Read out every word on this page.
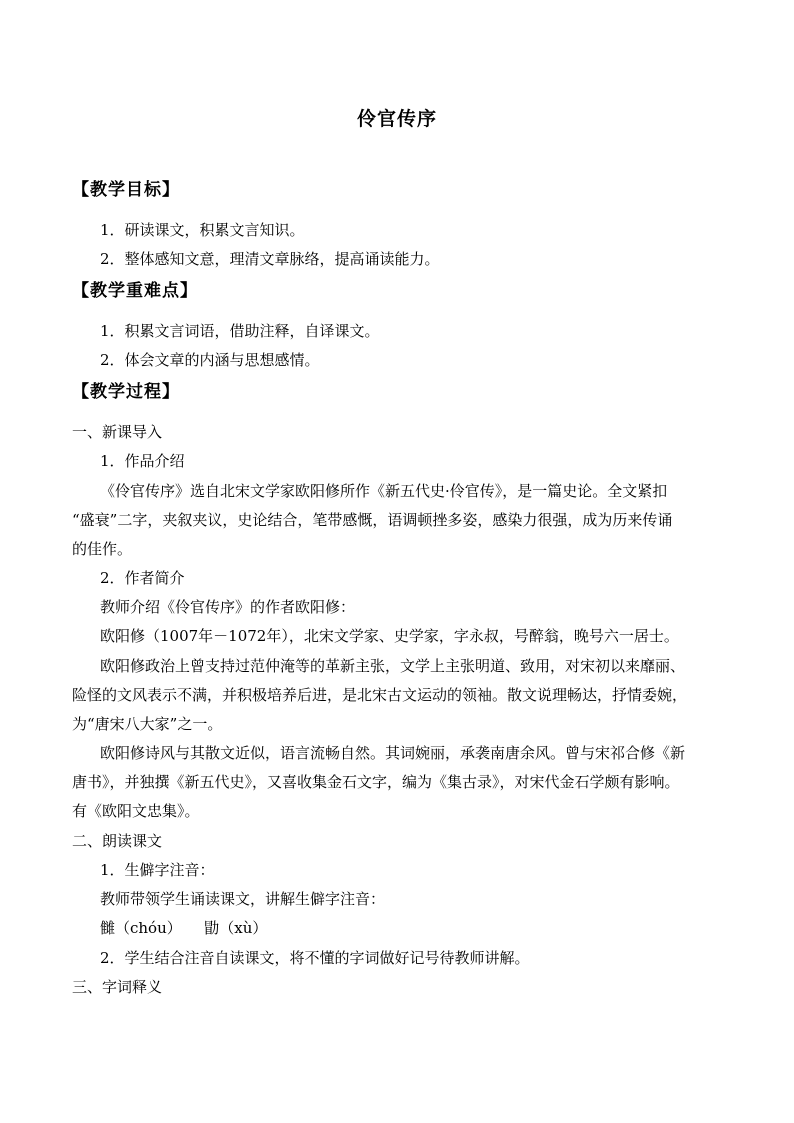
伶官传序
【教学目标】
1．研读课文，积累文言知识。
2．整体感知文意，理清文章脉络，提高诵读能力。
【教学重难点】
1．积累文言词语，借助注释，自译课文。
2．体会文章的内涵与思想感情。
【教学过程】
一、新课导入
1．作品介绍
《伶官传序》选自北宋文学家欧阳修所作《新五代史·伶官传》，是一篇史论。全文紧扣
“盛衰”二字，夹叙夹议，史论结合，笔带感慨，语调顿挫多姿，感染力很强，成为历来传诵
的佳作。
2．作者简介
教师介绍《伶官传序》的作者欧阳修：
欧阳修（1007年－1072年），北宋文学家、史学家，字永叔，号醉翁，晚号六一居士。
欧阳修政治上曾支持过范仲淹等的革新主张，文学上主张明道、致用，对宋初以来靡丽、
险怪的文风表示不满，并积极培养后进，是北宋古文运动的领袖。散文说理畅达，抒情委婉，
为“唐宋八大家”之一。
欧阳修诗风与其散文近似，语言流畅自然。其词婉丽，承袭南唐余风。曾与宋祁合修《新
唐书》，并独撰《新五代史》，又喜收集金石文字，编为《集古录》，对宋代金石学颇有影响。
有《欧阳文忠集》。
二、朗读课文
1．生僻字注音：
教师带领学生诵读课文，讲解生僻字注音：
雠（chóu）　　勖（xù）
2．学生结合注音自读课文，将不懂的字词做好记号待教师讲解。
三、字词释义
